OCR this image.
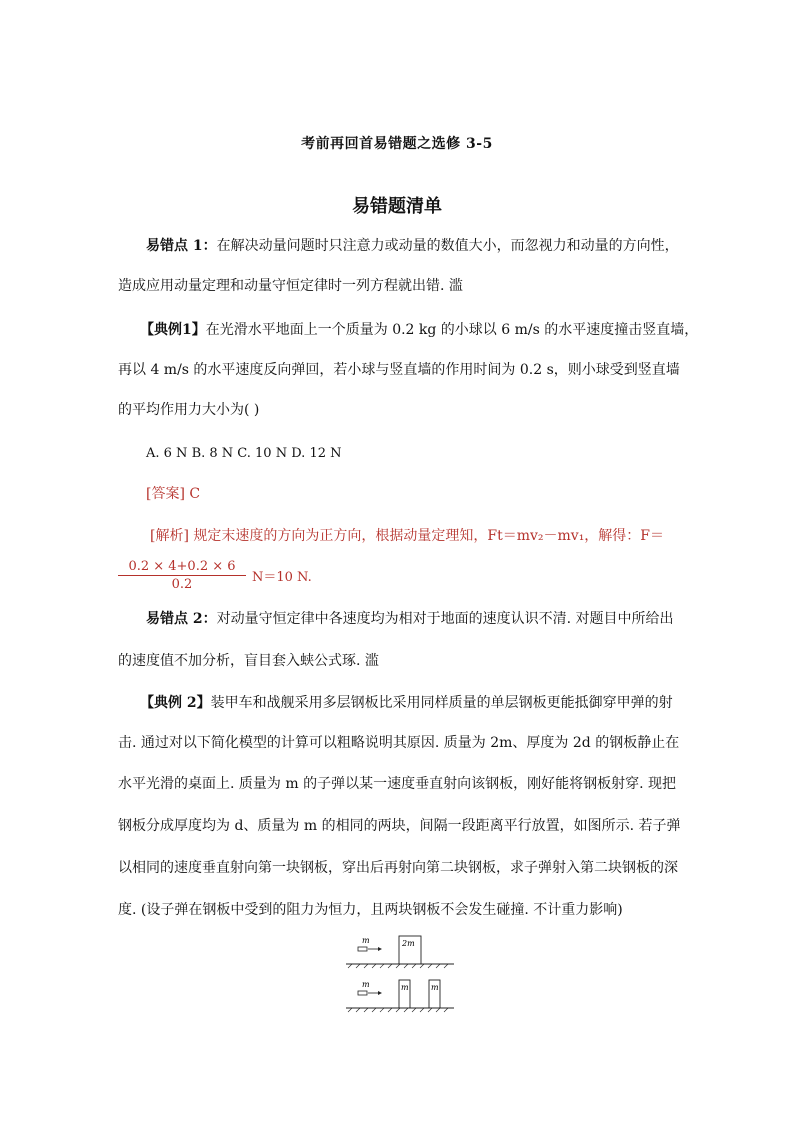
考前再回首易错题之选修 3-5
易错题清单
易错点 1：在解决动量问题时只注意力或动量的数值大小，而忽视力和动量的方向性，
造成应用动量定理和动量守恒定律时一列方程就出错. 滥
【典例1】在光滑水平地面上一个质量为 0.2 kg 的小球以 6 m/s 的水平速度撞击竖直墙，
再以 4 m/s 的水平速度反向弹回，若小球与竖直墙的作用时间为 0.2 s，则小球受到竖直墙
的平均作用力大小为( )
A. 6 N B. 8 N C. 10 N D. 12 N
[答案] C
[解析] 规定末速度的方向为正方向，根据动量定理知，Ft＝mv₂－mv₁，解得：F＝
$\frac{0.2 \times 4+0.2 \times 6}{0.2} N=10$ N.
易错点 2：对动量守恒定律中各速度均为相对于地面的速度认识不清. 对题目中所给出
的速度值不加分析，盲目套入蛱公式琢. 滥
【典例 2】装甲车和战舰采用多层钢板比采用同样质量的单层钢板更能抵御穿甲弹的射
击. 通过对以下简化模型的计算可以粗略说明其原因. 质量为 2m、厚度为 2d 的钢板静止在
水平光滑的桌面上. 质量为 m 的子弹以某一速度垂直射向该钢板，刚好能将钢板射穿. 现把
钢板分成厚度均为 d、质量为 m 的相同的两块，间隔一段距离平行放置，如图所示. 若子弹
以相同的速度垂直射向第一块钢板，穿出后再射向第二块钢板，求子弹射入第二块钢板的深
度. (设子弹在钢板中受到的阻力为恒力，且两块钢板不会发生碰撞. 不计重力影响)
m	2m
m	m	m
